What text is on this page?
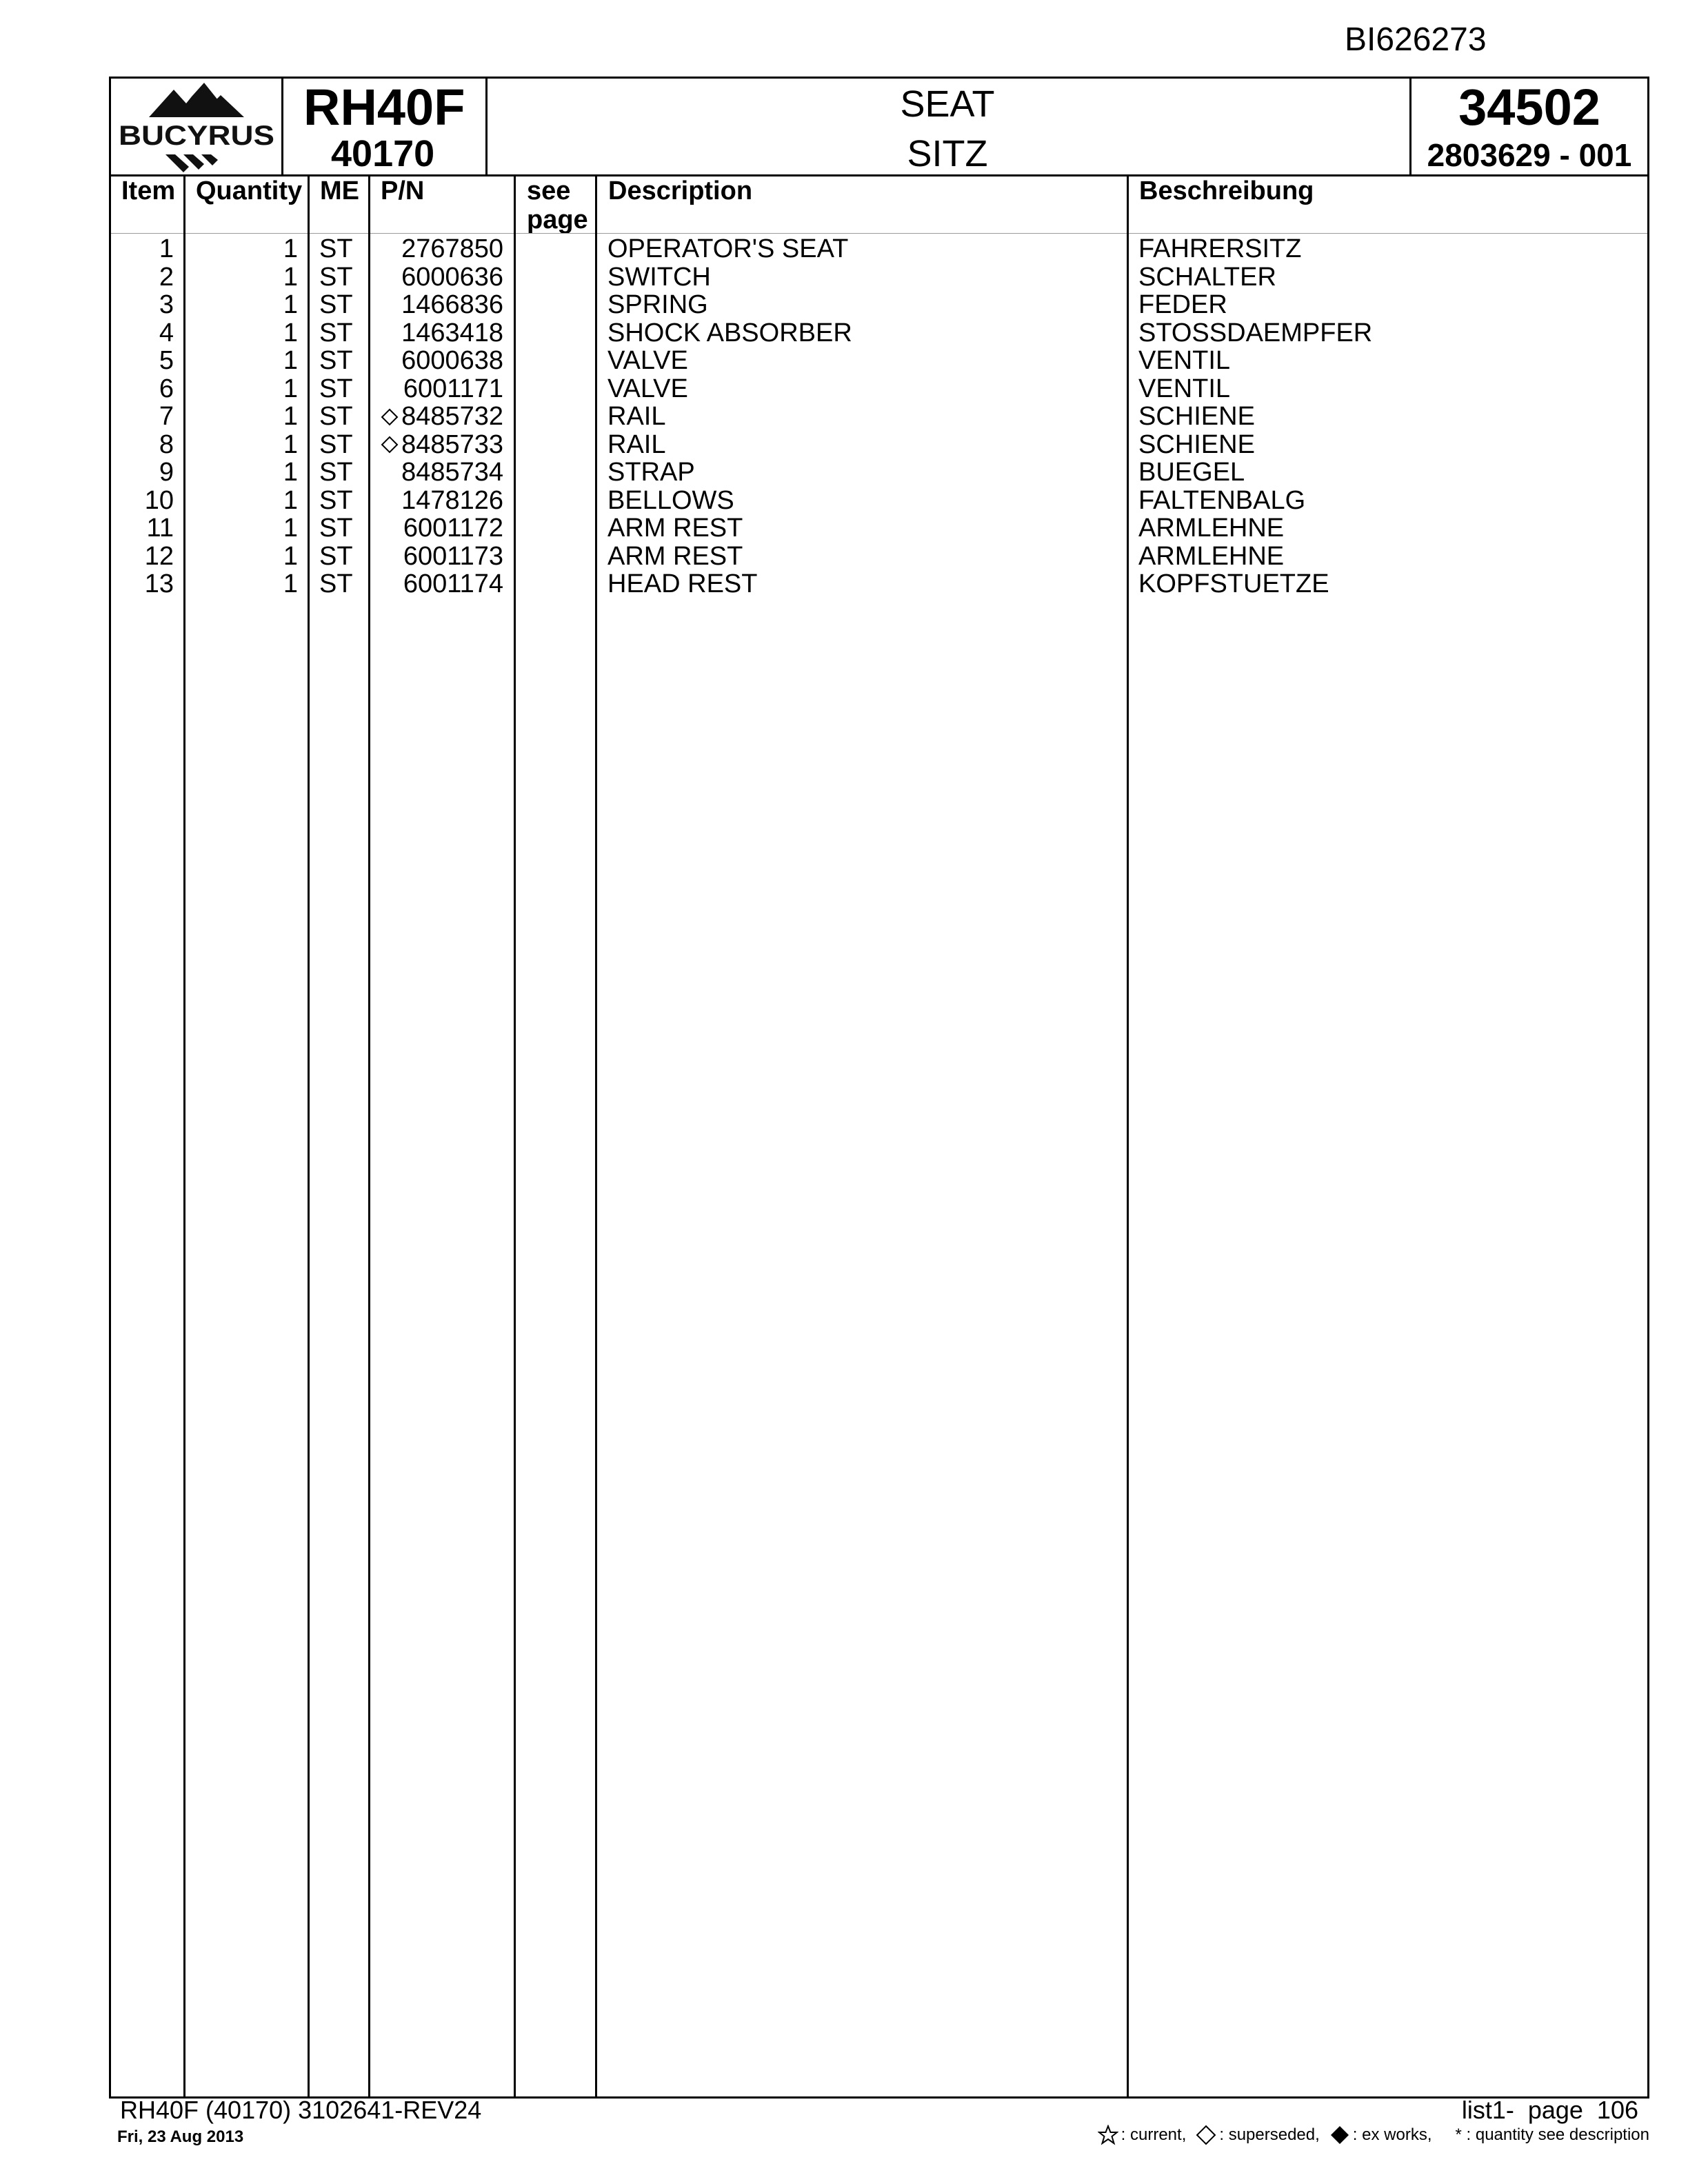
BI626273
BUCYRUS RH40F
40170
SEAT
SITZ
34502
2803629 - 001
Item Quantity ME P/N	see
page
Description	Beschreibung
1	1 ST 2767850	OPERATOR'S SEAT	FAHRERSITZ
2	1 ST 6000636	SWITCH	SCHALTER
3	1 ST 1466836	SPRING	FEDER
4	1 ST 1463418	SHOCK ABSORBER	STOSSDAEMPFER
5	1 ST 6000638	VALVE	VENTIL
6	1 ST 6001171	VALVE	VENTIL
7	1 ST 8485732	RAIL	SCHIENE
8	1 ST 8485733	RAIL	SCHIENE
9	1 ST 8485734	STRAP	BUEGEL
10	1 ST 1478126	BELLOWS	FALTENBALG
11	1 ST 6001172	ARM REST	ARMLEHNE
12	1 ST 6001173	ARM REST	ARMLEHNE
13	1 ST 6001174	HEAD REST	KOPFSTUETZE
RH40F (40170) 3102641-REV24
Fri, 23 Aug 2013
list1-  page  106
: current, : superseded, : ex works, * : quantity see description
